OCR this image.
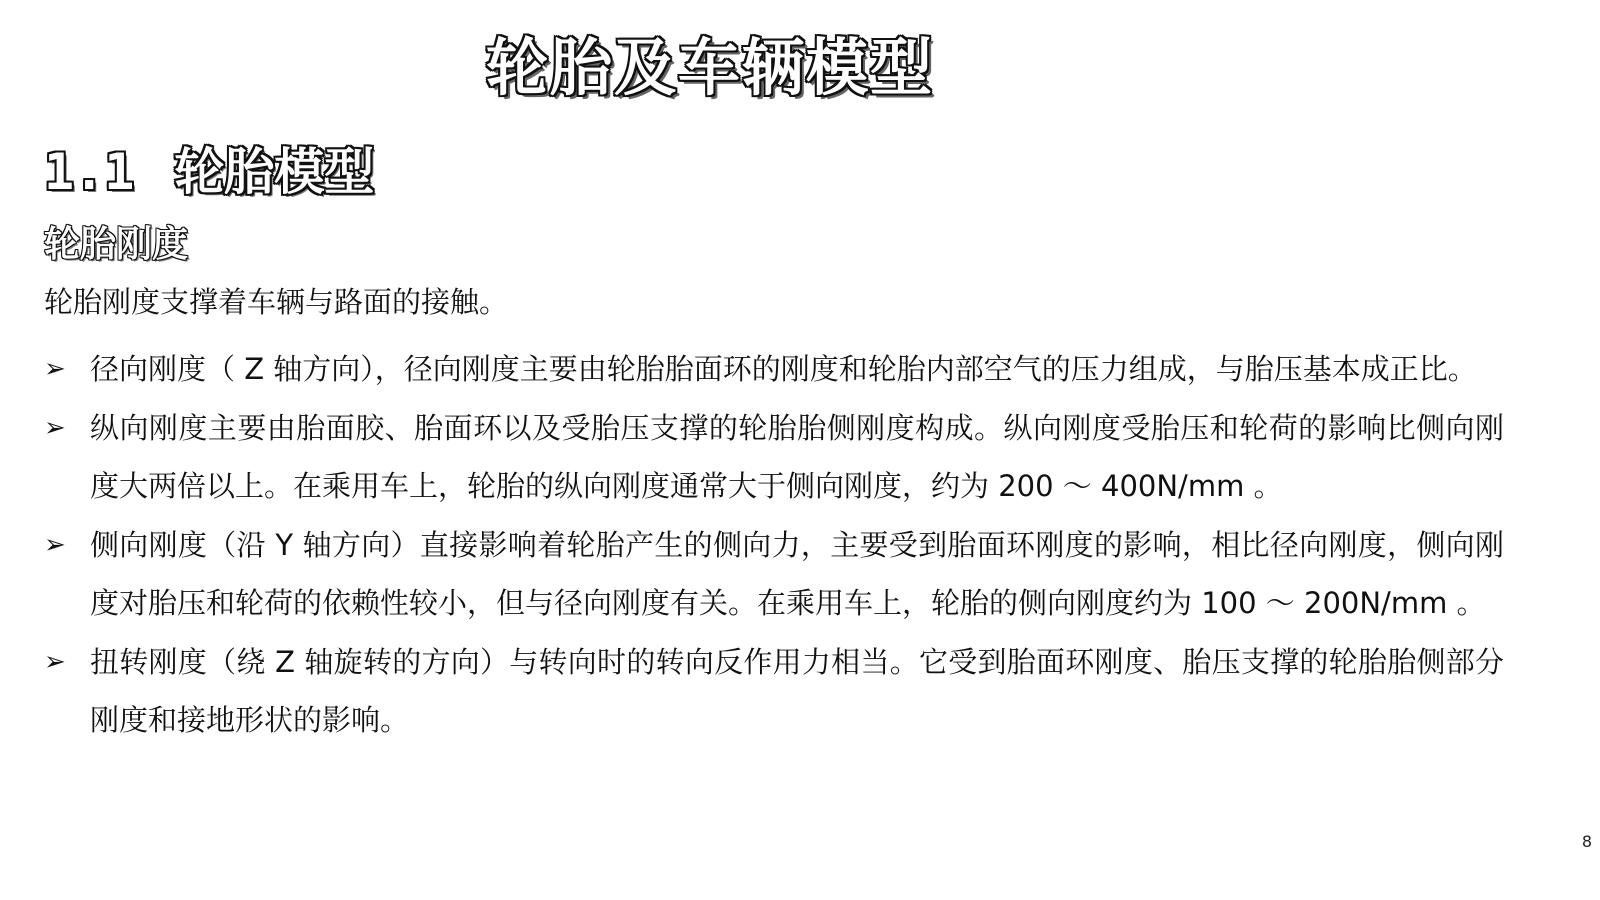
轮胎及车辆模型
1.1 轮胎模型
轮胎刚度
轮胎刚度支撑着车辆与路面的接触。
➢ 径向刚度（ Z 轴方向），径向刚度主要由轮胎胎面环的刚度和轮胎内部空气的压力组成，与胎压基本成正比。
➢ 纵向刚度主要由胎面胶、胎面环以及受胎压支撑的轮胎胎侧刚度构成。纵向刚度受胎压和轮荷的影响比侧向刚度大两倍以上。在乘用车上，轮胎的纵向刚度通常大于侧向刚度，约为 200 ～ 400N/mm 。
➢ 侧向刚度（沿 Y 轴方向）直接影响着轮胎产生的侧向力，主要受到胎面环刚度的影响，相比径向刚度，侧向刚度对胎压和轮荷的依赖性较小，但与径向刚度有关。在乘用车上，轮胎的侧向刚度约为 100 ～ 200N/mm 。
➢ 扭转刚度（绕 Z 轴旋转的方向）与转向时的转向反作用力相当。它受到胎面环刚度、胎压支撑的轮胎胎侧部分刚度和接地形状的影响。
8
